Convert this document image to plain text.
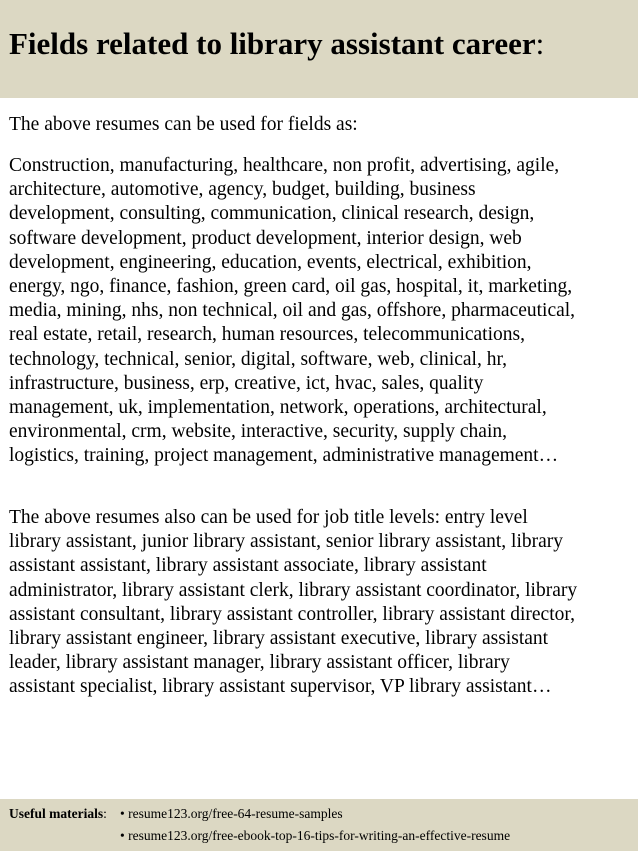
Fields related to library assistant career:

The above resumes can be used for fields as:

Construction, manufacturing, healthcare, non profit, advertising, agile,
architecture, automotive, agency, budget, building, business
development, consulting, communication, clinical research, design,
software development, product development, interior design, web
development, engineering, education, events, electrical, exhibition,
energy, ngo, finance, fashion, green card, oil gas, hospital, it, marketing,
media, mining, nhs, non technical, oil and gas, offshore, pharmaceutical,
real estate, retail, research, human resources, telecommunications,
technology, technical, senior, digital, software, web, clinical, hr,
infrastructure, business, erp, creative, ict, hvac, sales, quality
management, uk, implementation, network, operations, architectural,
environmental, crm, website, interactive, security, supply chain,
logistics, training, project management, administrative management…

The above resumes also can be used for job title levels: entry level
library assistant, junior library assistant, senior library assistant, library
assistant assistant, library assistant associate, library assistant
administrator, library assistant clerk, library assistant coordinator, library
assistant consultant, library assistant controller, library assistant director,
library assistant engineer, library assistant executive, library assistant
leader, library assistant manager, library assistant officer, library
assistant specialist, library assistant supervisor, VP library assistant…

Useful materials: • resume123.org/free-64-resume-samples
• resume123.org/free-ebook-top-16-tips-for-writing-an-effective-resume
